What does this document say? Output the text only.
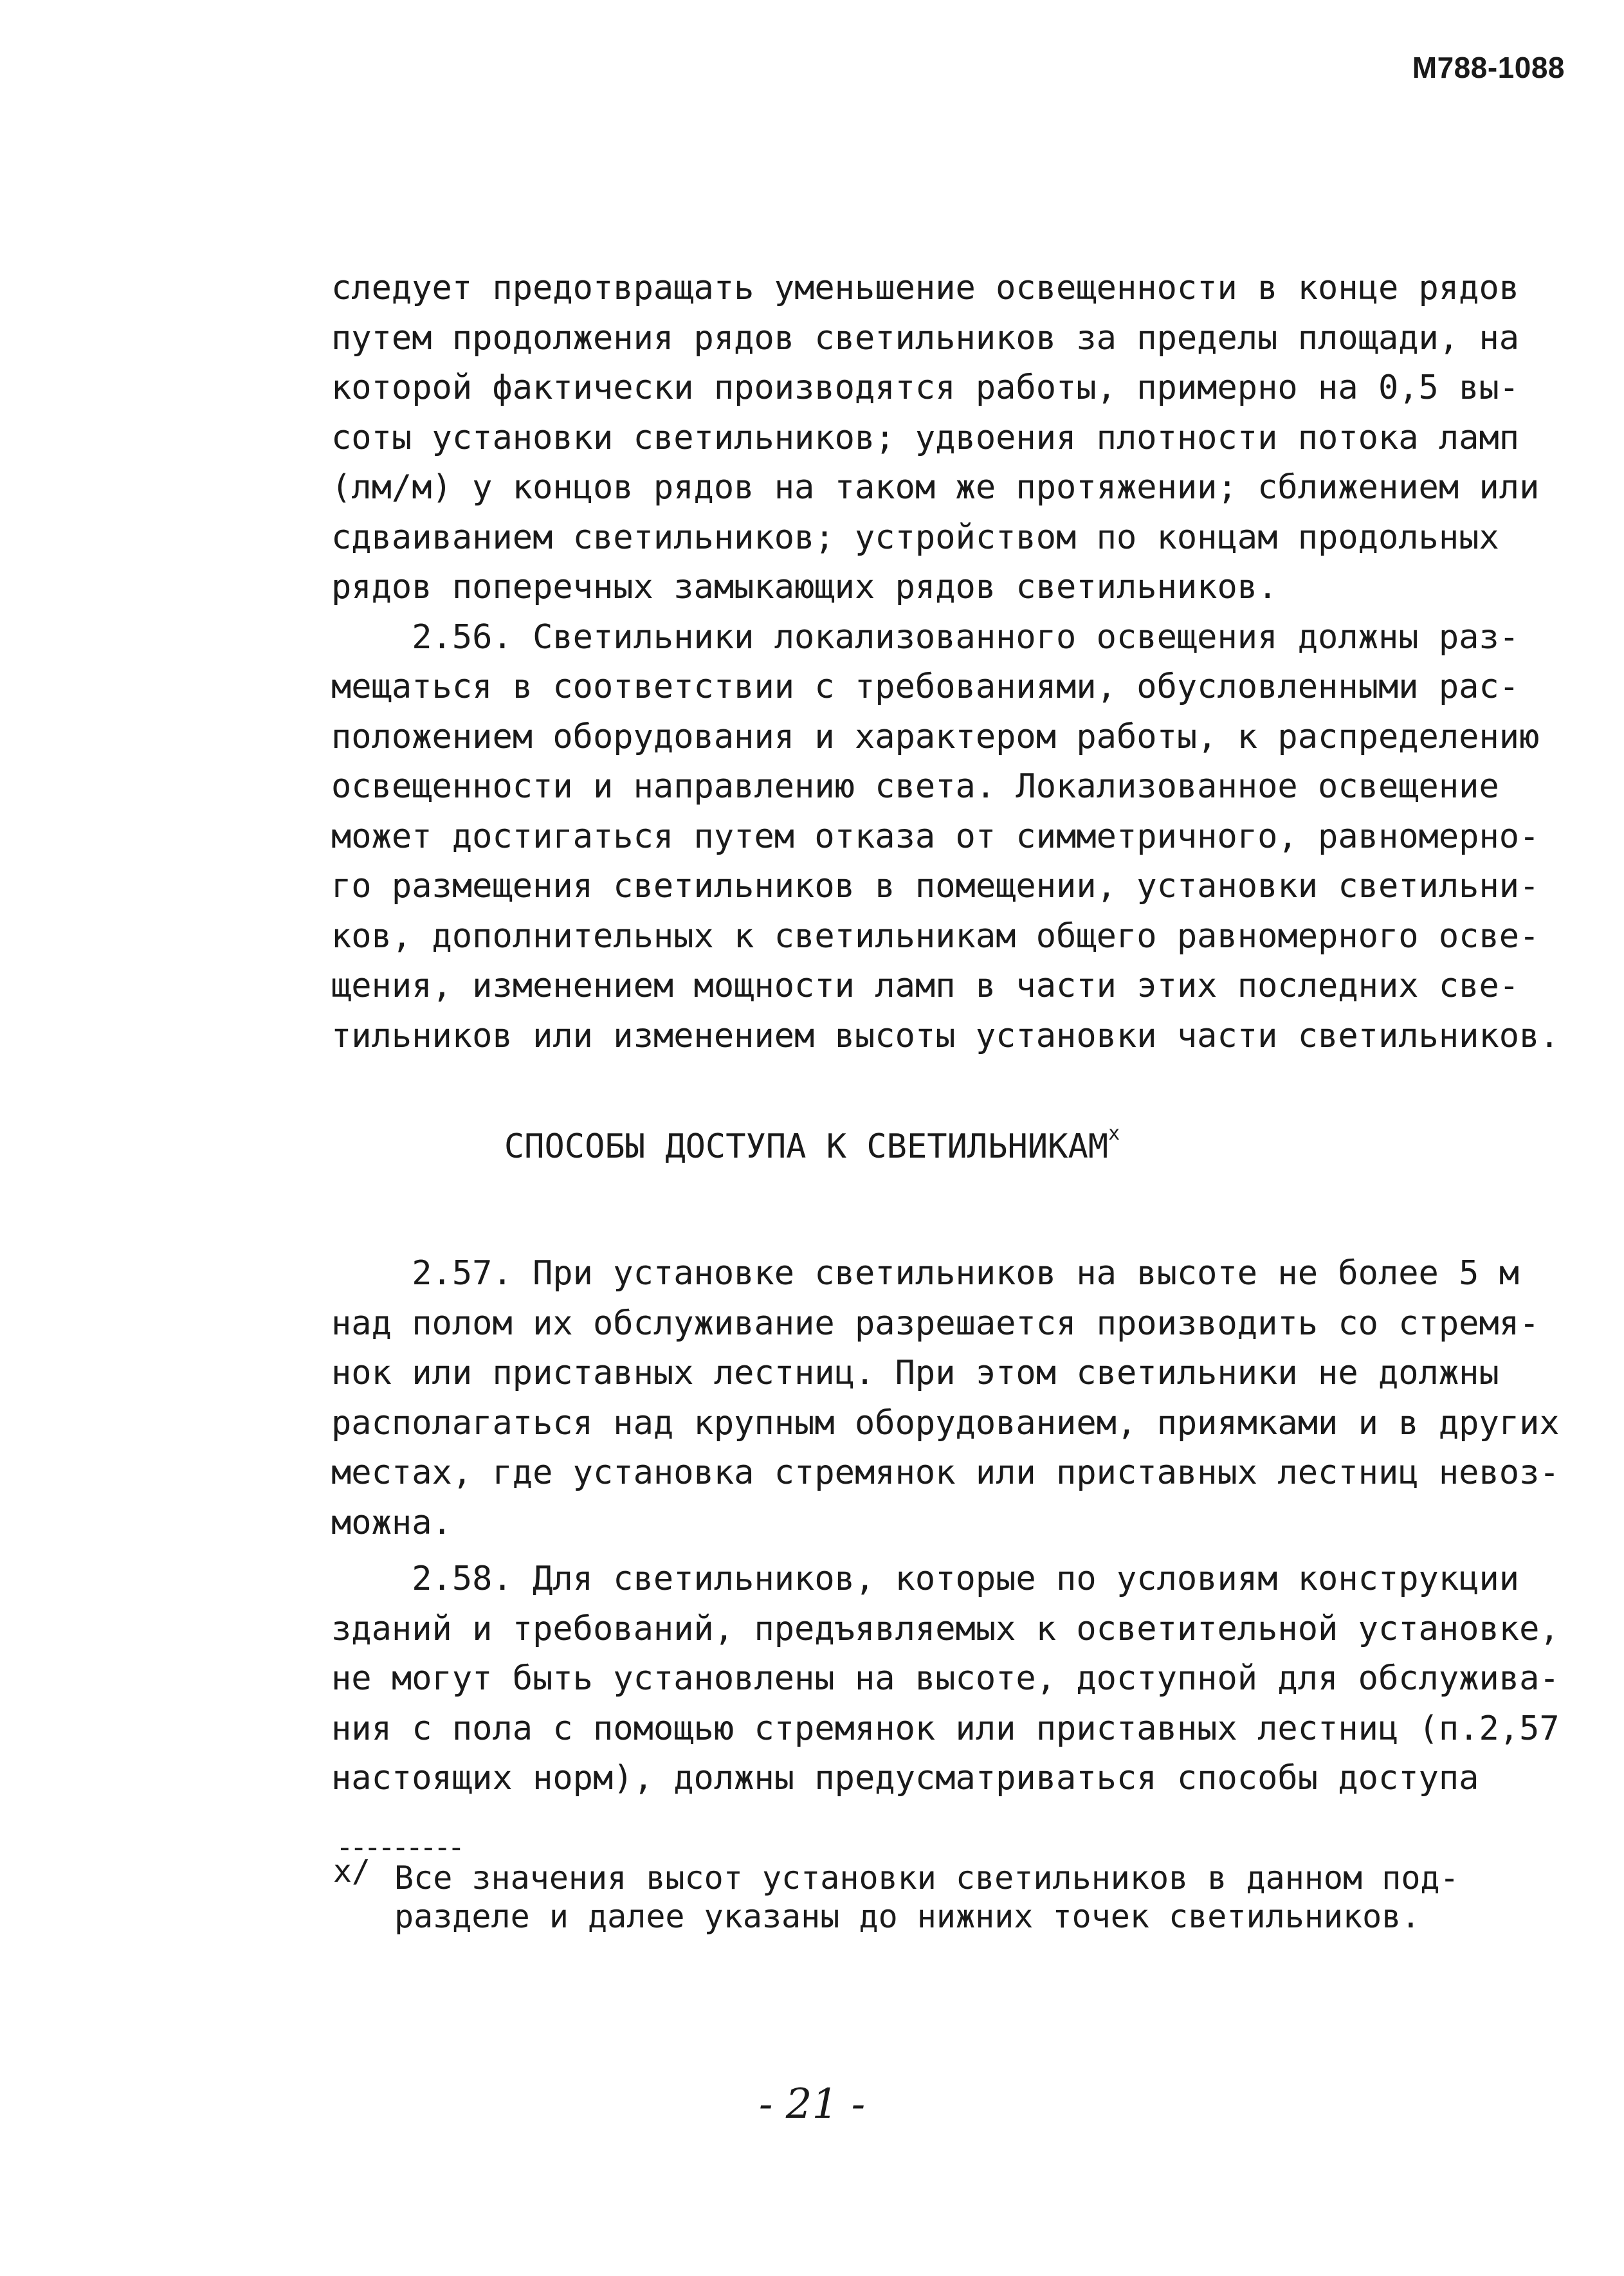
М788-1088
следует предотвращать уменьшение освещенности в конце рядов
путем продолжения рядов светильников за пределы площади, на
которой фактически производятся работы, примерно на 0,5 вы-
соты установки светильников; удвоения плотности потока ламп
(лм/м) у концов рядов на таком же протяжении; сближением или
сдваиванием светильников; устройством по концам продольных
рядов поперечных замыкающих рядов светильников.
2.56. Светильники локализованного освещения должны раз-
мещаться в соответствии с требованиями, обусловленными рас-
положением оборудования и характером работы, к распределению
освещенности и направлению света. Локализованное освещение
может достигаться путем отказа от симметричного, равномерно-
го размещения светильников в помещении, установки светильни-
ков, дополнительных к светильникам общего равномерного осве-
щения, изменением мощности ламп в части этих последних све-
тильников или изменением высоты установки части светильников.
СПОСОБЫ ДОСТУПА К СВЕТИЛЬНИКАМ$^x$
2.57. При установке светильников на высоте не более 5 м
над полом их обслуживание разрешается производить со стремя-
нок или приставных лестниц. При этом светильники не должны
располагаться над крупным оборудованием, приямками и в других
местах, где установка стремянок или приставных лестниц невоз-
можна.
2.58. Для светильников, которые по условиям конструкции
зданий и требований, предъявляемых к осветительной установке,
не могут быть установлены на высоте, доступной для обслужива-
ния с пола с помощью стремянок или приставных лестниц (п.2,57
настоящих норм), должны предусматриваться способы доступа
---------
x/ Все значения высот установки светильников в данном под-
разделе и далее указаны до нижних точек светильников.
- 21 -
